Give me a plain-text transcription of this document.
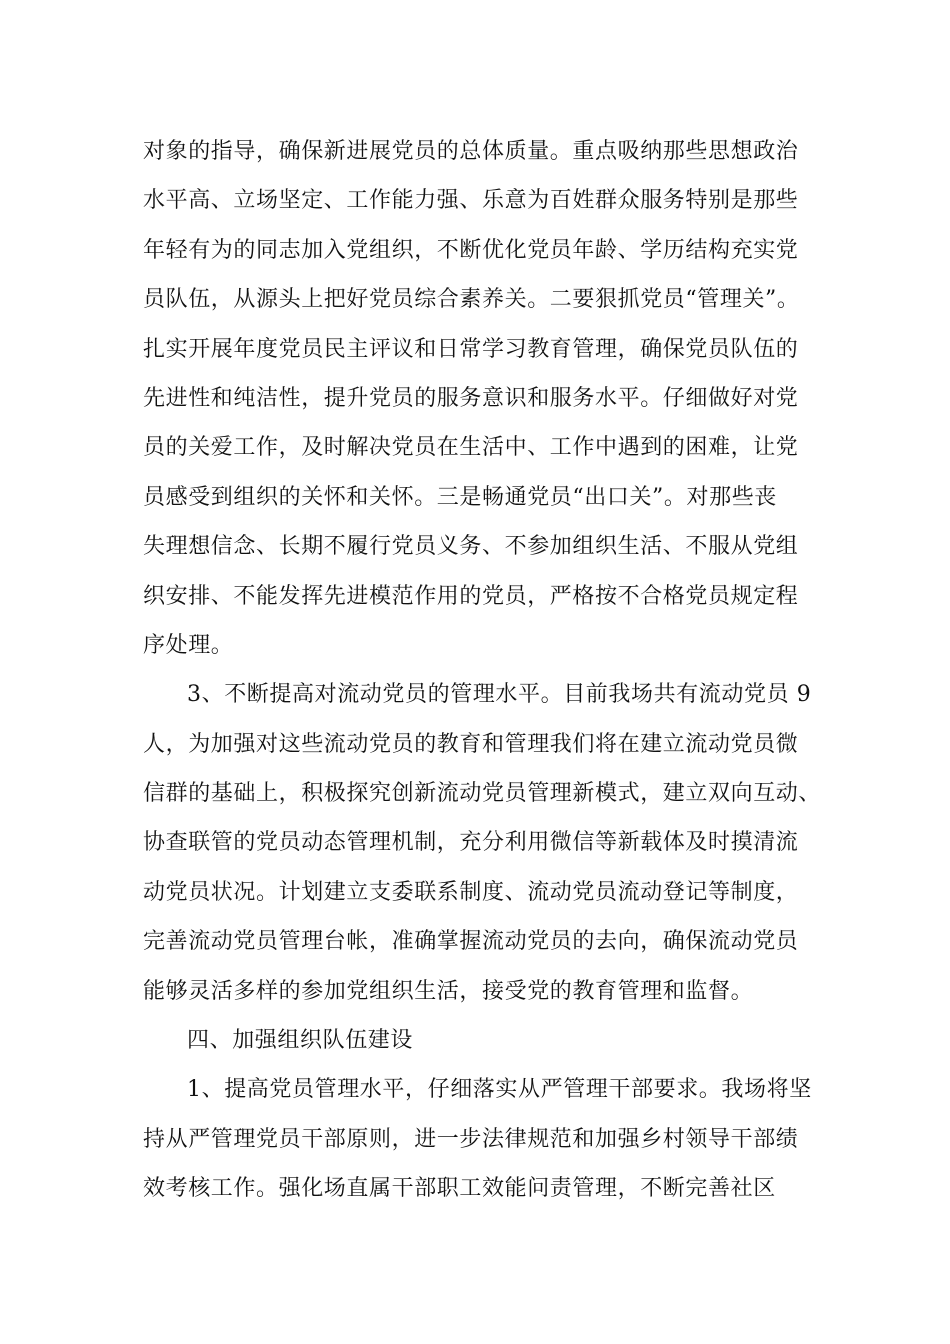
对象的指导，确保新进展党员的总体质量。重点吸纳那些思想政治
水平高、立场坚定、工作能力强、乐意为百姓群众服务特别是那些
年轻有为的同志加入党组织，不断优化党员年龄、学历结构充实党
员队伍，从源头上把好党员综合素养关。二要狠抓党员“管理关”。
扎实开展年度党员民主评议和日常学习教育管理，确保党员队伍的
先进性和纯洁性，提升党员的服务意识和服务水平。仔细做好对党
员的关爱工作，及时解决党员在生活中、工作中遇到的困难，让党
员感受到组织的关怀和关怀。三是畅通党员“出口关”。对那些丧
失理想信念、长期不履行党员义务、不参加组织生活、不服从党组
织安排、不能发挥先进模范作用的党员，严格按不合格党员规定程
序处理。
3、不断提高对流动党员的管理水平。目前我场共有流动党员 9
人，为加强对这些流动党员的教育和管理我们将在建立流动党员微
信群的基础上，积极探究创新流动党员管理新模式，建立双向互动、
协查联管的党员动态管理机制，充分利用微信等新载体及时摸清流
动党员状况。计划建立支委联系制度、流动党员流动登记等制度，
完善流动党员管理台帐，准确掌握流动党员的去向，确保流动党员
能够灵活多样的参加党组织生活，接受党的教育管理和监督。
四、加强组织队伍建设
1、提高党员管理水平，仔细落实从严管理干部要求。我场将坚
持从严管理党员干部原则，进一步法律规范和加强乡村领导干部绩
效考核工作。强化场直属干部职工效能问责管理，不断完善社区
